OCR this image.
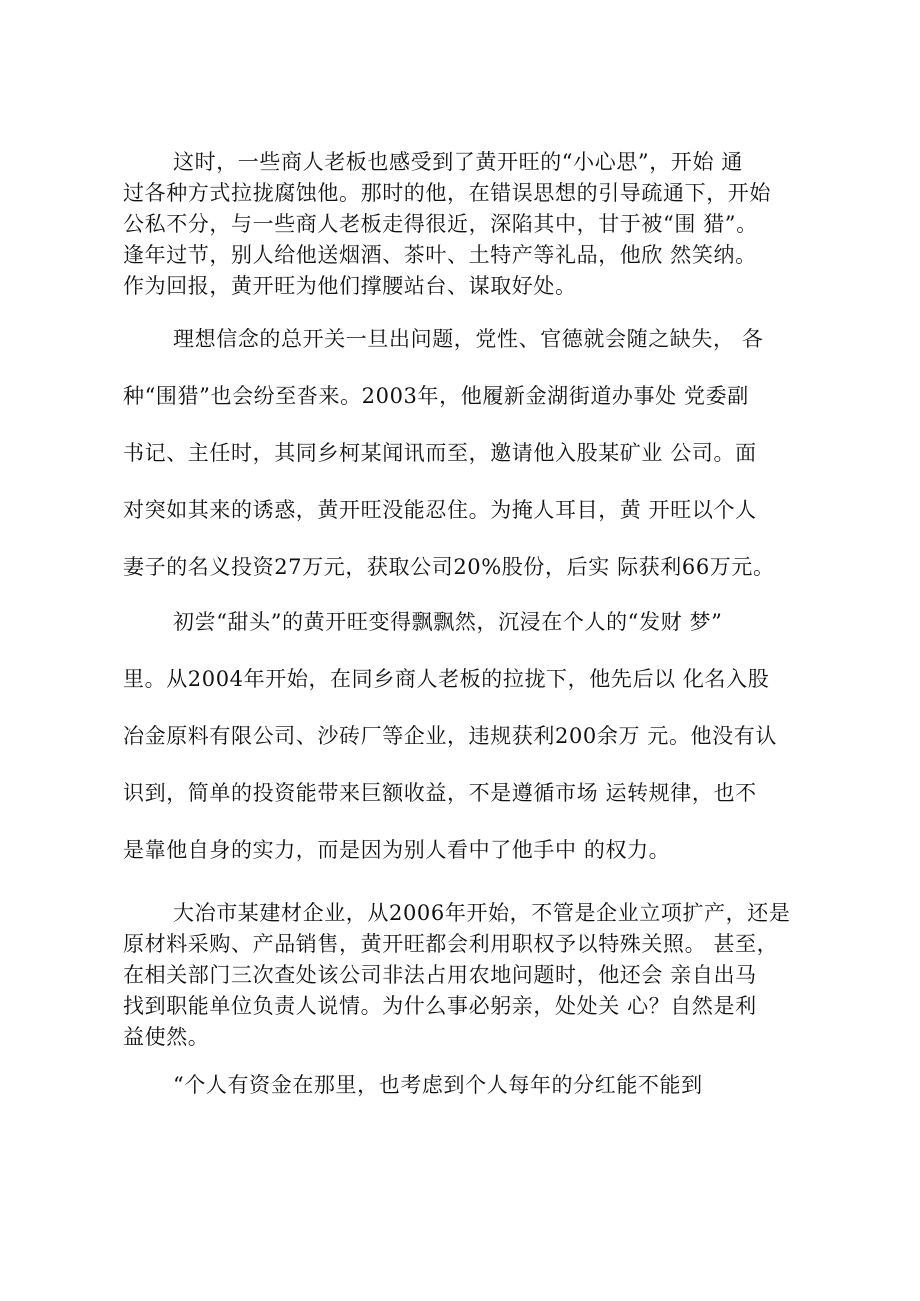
这时，一些商人老板也感受到了黄开旺的“小心思”，开始 通
过各种方式拉拢腐蚀他。那时的他，在错误思想的引导疏通下，开始
公私不分，与一些商人老板走得很近，深陷其中，甘于被“围 猎”。
逢年过节，别人给他送烟酒、茶叶、土特产等礼品，他欣 然笑纳。
作为回报，黄开旺为他们撑腰站台、谋取好处。
理想信念的总开关一旦出问题，党性、官德就会随之缺失， 各
种“围猎”也会纷至沓来。2003年，他履新金湖街道办事处 党委副
书记、主任时，其同乡柯某闻讯而至，邀请他入股某矿业 公司。面
对突如其来的诱惑，黄开旺没能忍住。为掩人耳目，黄 开旺以个人
妻子的名义投资27万元，获取公司20%股份，后实 际获利66万元。
初尝“甜头”的黄开旺变得飘飘然，沉浸在个人的“发财 梦”
里。从2004年开始，在同乡商人老板的拉拢下，他先后以 化名入股
冶金原料有限公司、沙砖厂等企业，违规获利200余万 元。他没有认
识到，简单的投资能带来巨额收益，不是遵循市场 运转规律，也不
是靠他自身的实力，而是因为别人看中了他手中 的权力。
大冶市某建材企业，从2006年开始，不管是企业立项扩产，还是
原材料采购、产品销售，黄开旺都会利用职权予以特殊关照。 甚至，
在相关部门三次查处该公司非法占用农地问题时，他还会 亲自出马
找到职能单位负责人说情。为什么事必躬亲，处处关 心？自然是利
益使然。
“个人有资金在那里，也考虑到个人每年的分红能不能到
